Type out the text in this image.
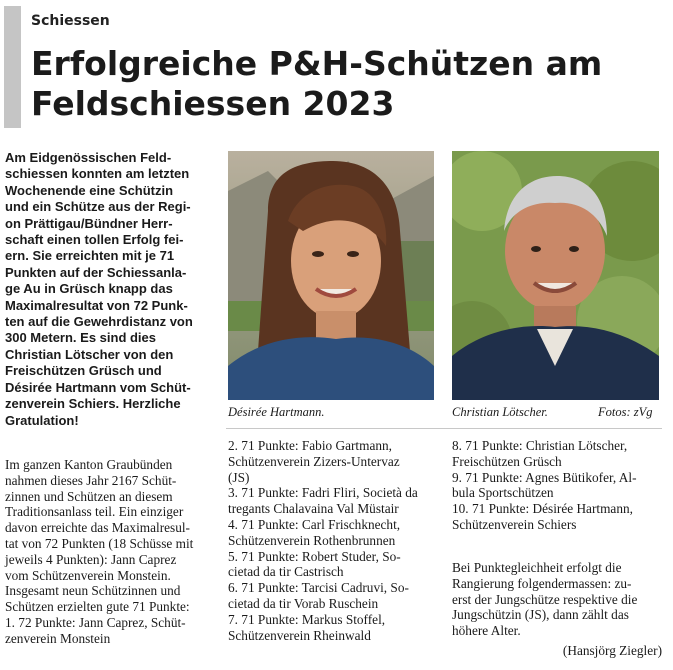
Schiessen
Erfolgreiche P&H-Schützen am
Feldschiessen 2023
Am Eidgenössischen Feld-
schiessen konnten am letzten
Wochenende eine Schützin
und ein Schütze aus der Regi-
on Prättigau/Bündner Herr-
schaft einen tollen Erfolg fei-
ern. Sie erreichten mit je 71
Punkten auf der Schiessanla-
ge Au in Grüsch knapp das
Maximalresultat von 72 Punk-
ten auf die Gewehrdistanz von
300 Metern. Es sind dies
Christian Lötscher von den
Freischützen Grüsch und
Désirée Hartmann vom Schüt-
zenverein Schiers. Herzliche
Gratulation!
Im ganzen Kanton Graubünden
nahmen dieses Jahr 2167 Schüt-
zinnen und Schützen an diesem
Traditionsanlass teil. Ein einziger
davon erreichte das Maximalresul-
tat von 72 Punkten (18 Schüsse mit
jeweils 4 Punkten): Jann Caprez
vom Schützenverein Monstein.
Insgesamt neun Schützinnen und
Schützen erzielten gute 71 Punkte:
1. 72 Punkte: Jann Caprez, Schüt-
zenverein Monstein
2. 71 Punkte: Fabio Gartmann,
Schützenverein Zizers-Untervaz
(JS)
3. 71 Punkte: Fadri Fliri, Società da
tregants Chalavaina Val Müstair
4. 71 Punkte: Carl Frischknecht,
Schützenverein Rothenbrunnen
5. 71 Punkte: Robert Studer, So-
cietad da tir Castrisch
6. 71 Punkte: Tarcisi Cadruvi, So-
cietad da tir Vorab Ruschein
7. 71 Punkte: Markus Stoffel,
Schützenverein Rheinwald
8. 71 Punkte: Christian Lötscher,
Freischützen Grüsch
9. 71 Punkte: Agnes Bütikofer, Al-
bula Sportschützen
10. 71 Punkte: Désirée Hartmann,
Schützenverein Schiers
Bei Punktegleichheit erfolgt die
Rangierung folgendermassen: zu-
erst der Jungschütze respektive die
Jungschützin (JS), dann zählt das
höhere Alter.
(Hansjörg Ziegler)
Désirée Hartmann.	Christian Lötscher.	Fotos: zVg
